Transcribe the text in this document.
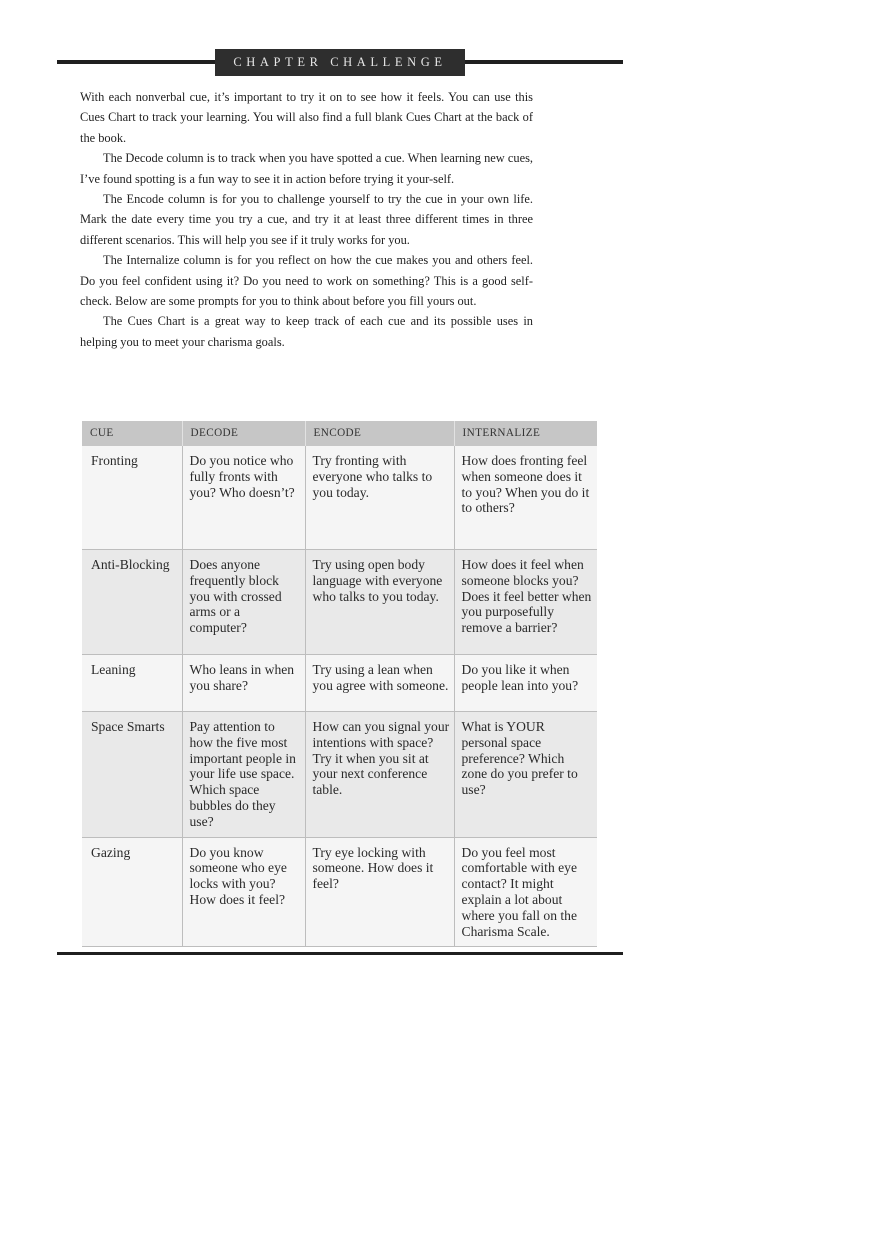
CHAPTER CHALLENGE

With each nonverbal cue, it’s important to try it on to see how it feels. You can use this Cues Chart to track your learning. You will also find a full blank Cues Chart at the back of the book.

The Decode column is to track when you have spotted a cue. When learning new cues, I’ve found spotting is a fun way to see it in action before trying it your-self.

The Encode column is for you to challenge yourself to try the cue in your own life. Mark the date every time you try a cue, and try it at least three different times in three different scenarios. This will help you see if it truly works for you.

The Internalize column is for you reflect on how the cue makes you and others feel. Do you feel confident using it? Do you need to work on something? This is a good self-check. Below are some prompts for you to think about before you fill yours out.

The Cues Chart is a great way to keep track of each cue and its possible uses in helping you to meet your charisma goals.

CUE	DECODE	ENCODE	INTERNALIZE
Fronting	Do you notice who fully fronts with you? Who doesn’t?	Try fronting with everyone who talks to you today.	How does fronting feel when someone does it to you? When you do it to others?
Anti-Blocking	Does anyone frequently block you with crossed arms or a computer?	Try using open body language with everyone who talks to you today.	How does it feel when someone blocks you? Does it feel better when you purposefully remove a barrier?
Leaning	Who leans in when you share?	Try using a lean when you agree with someone.	Do you like it when people lean into you?
Space Smarts	Pay attention to how the five most important people in your life use space. Which space bubbles do they use?	How can you signal your intentions with space? Try it when you sit at your next conference table.	What is YOUR personal space preference? Which zone do you prefer to use?
Gazing	Do you know someone who eye locks with you? How does it feel?	Try eye locking with someone. How does it feel?	Do you feel most comfortable with eye contact? It might explain a lot about where you fall on the Charisma Scale.
